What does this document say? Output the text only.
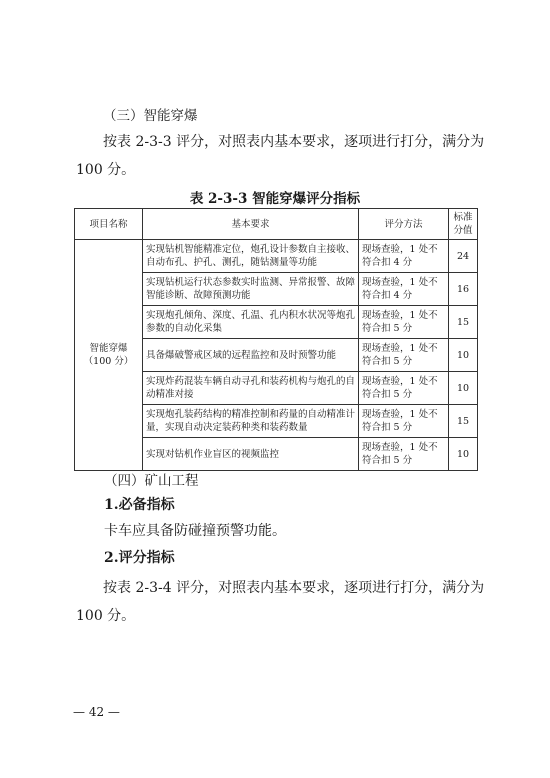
（三）智能穿爆
按表 2-3-3 评分，对照表内基本要求，逐项进行打分，满分为 100 分。
表 2-3-3 智能穿爆评分指标
项目名称	基本要求	评分方法	标准分值
智能穿爆（100 分）	实现钻机智能精准定位，炮孔设计参数自主接收、自动布孔、护孔、测孔，随钻测量等功能	现场查验，1 处不符合扣 4 分	24
	实现钻机运行状态参数实时监测、异常报警、故障智能诊断、故障预测功能	现场查验，1 处不符合扣 4 分	16
	实现炮孔倾角、深度、孔温、孔内积水状况等炮孔参数的自动化采集	现场查验，1 处不符合扣 5 分	15
	具备爆破警戒区域的远程监控和及时预警功能	现场查验，1 处不符合扣 5 分	10
	实现炸药混装车辆自动寻孔和装药机构与炮孔的自动精准对接	现场查验，1 处不符合扣 5 分	10
	实现炮孔装药结构的精准控制和药量的自动精准计量，实现自动决定装药种类和装药数量	现场查验，1 处不符合扣 5 分	15
	实现对钻机作业盲区的视频监控	现场查验，1 处不符合扣 5 分	10
（四）矿山工程
1.必备指标
卡车应具备防碰撞预警功能。
2.评分指标
按表 2-3-4 评分，对照表内基本要求，逐项进行打分，满分为 100 分。
— 42 —
